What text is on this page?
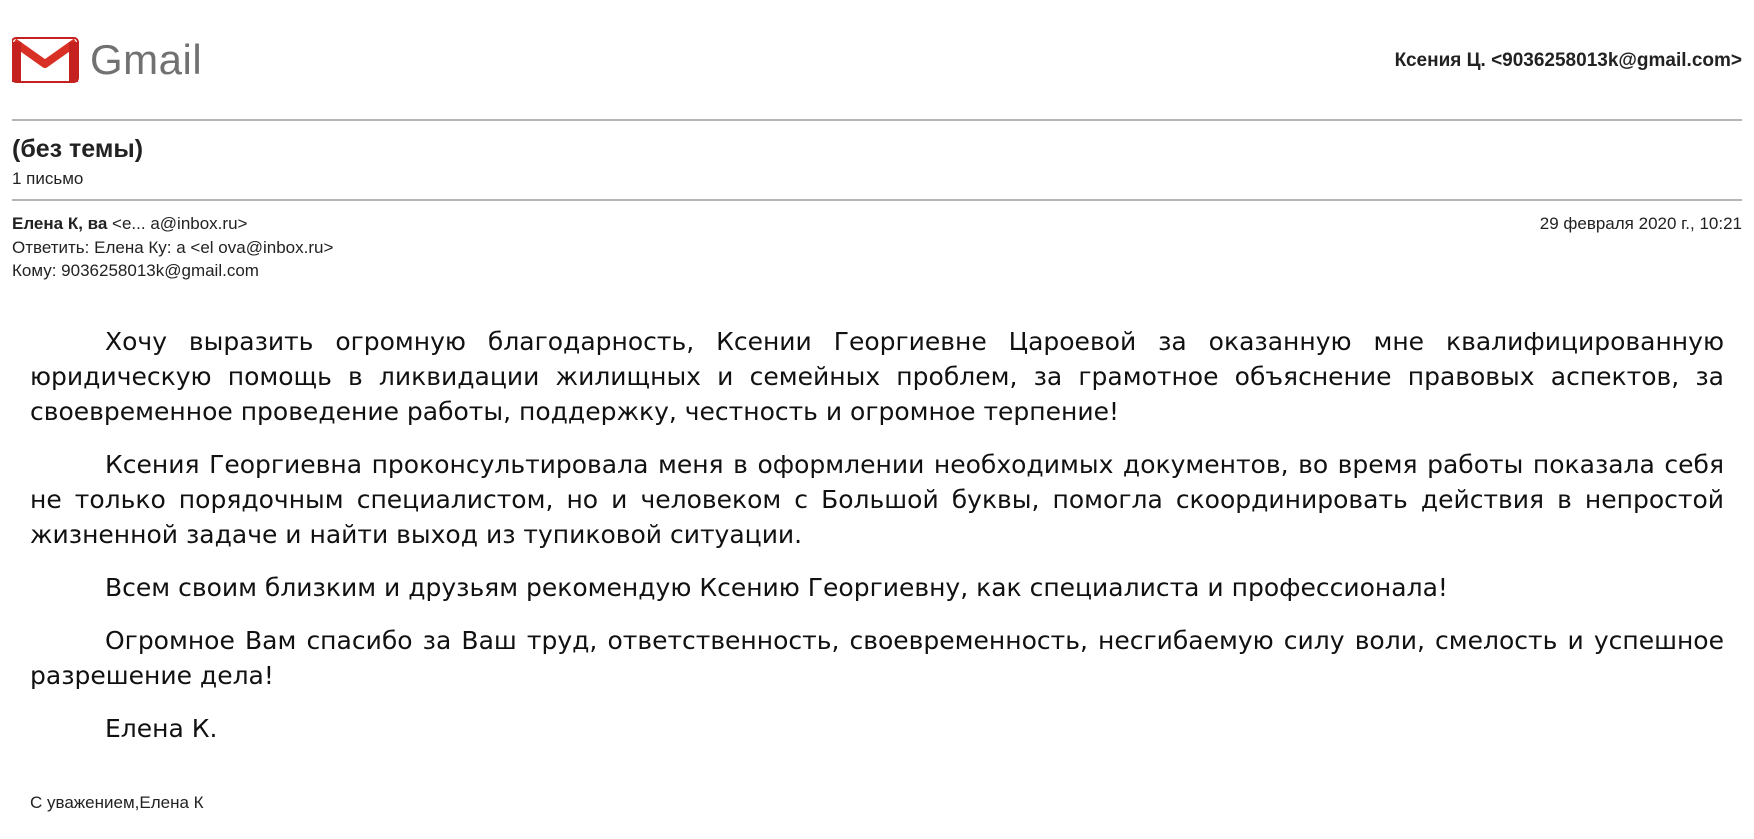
Gmail	Ксения Ц. <9036258013k@gmail.com>
(без темы)
1 письмо
Елена К, ва <e... a@inbox.ru>	29 февраля 2020 г., 10:21
Ответить: Елена Ку: а <el ova@inbox.ru>
Кому: 9036258013k@gmail.com

Хочу выразить огромную благодарность, Ксении Георгиевне Цароевой за оказанную мне квалифицированную юридическую помощь в ликвидации жилищных и семейных проблем, за грамотное объяснение правовых аспектов, за своевременное проведение работы, поддержку, честность и огромное терпение!

Ксения Георгиевна проконсультировала меня в оформлении необходимых документов, во время работы показала себя не только порядочным специалистом, но и человеком с Большой буквы, помогла скоординировать действия в непростой жизненной задаче и найти выход из тупиковой ситуации.

Всем своим близким и друзьям рекомендую Ксению Георгиевну, как специалиста и профессионала!

Огромное Вам спасибо за Ваш труд, ответственность, своевременность, несгибаемую силу воли, смелость и успешное разрешение дела!

Елена К.

С уважением,Елена К
